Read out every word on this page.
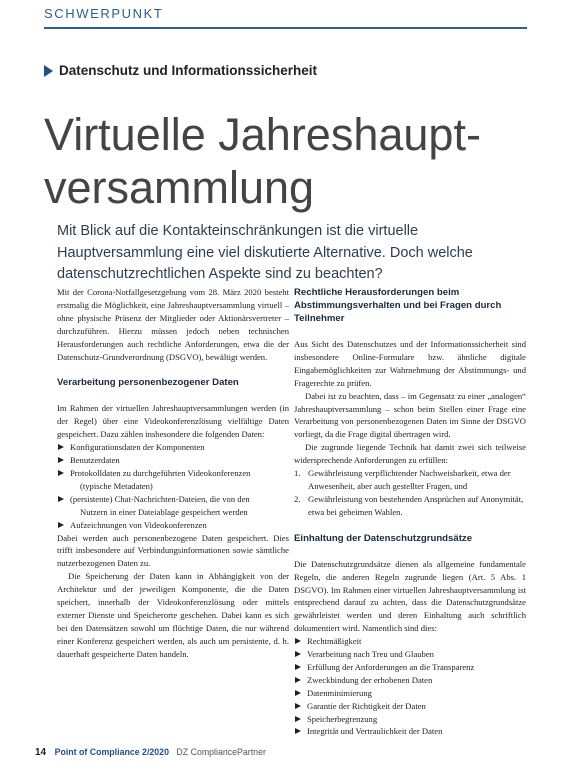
SCHWERPUNKT
Datenschutz und Informationssicherheit
Virtuelle Jahreshaupt-
versammlung
Mit Blick auf die Kontakteinschränkungen ist die virtuelle Hauptversammlung eine viel diskutierte Alternative. Doch welche datenschutzrechtlichen Aspekte sind zu beachten?

Mit der Corona-Notfallgesetzgebung vom 28. März 2020 besteht erstmalig die Möglichkeit, eine Jahreshauptversammlung virtuell – ohne physische Präsenz der Mitglieder oder Aktionärsvertreter – durchzuführen. Hierzu müssen jedoch neben technischen Herausforderungen auch rechtliche Anforderungen, etwa die der Datenschutz-Grundverordnung (DSGVO), bewältigt werden.

Verarbeitung personenbezogener Daten

Im Rahmen der virtuellen Jahreshauptversammlungen werden (in der Regel) über eine Videokonferenzlösung vielfältige Daten gespeichert. Dazu zählen insbesondere die folgenden Daten:

Konfigurationsdaten der Komponenten
Benutzerdaten
Protokolldaten zu durchgeführten Videokonferenzen
(typische Metadaten)
(persistente) Chat-Nachrichten-Dateien, die von den
Nutzern in einer Dateiablage gespeichert werden
Aufzeichnungen von Videokonferenzen

Dabei werden auch personenbezogene Daten gespeichert. Dies trifft insbesondere auf Verbindungsinformationen sowie sämtliche nutzerbezogenen Daten zu.

Die Speicherung der Daten kann in Abhängigkeit von der Architektur und der jeweiligen Komponente, die die Daten speichert, innerhalb der Videokonferenzlösung oder mittels externer Dienste und Speicherorte geschehen. Dabei kann es sich bei den Datensätzen sowohl um flüchtige Daten, die nur während einer Konferenz gespeichert werden, als auch um persistente, d. h. dauerhaft gespeicherte Daten handeln.

Rechtliche Herausforderungen beim Abstimmungsverhalten und bei Fragen durch Teilnehmer

Aus Sicht des Datenschutzes und der Informationssicherheit sind insbesondere Online-Formulare bzw. ähnliche digitale Eingabemöglichkeiten zur Wahrnehmung der Abstimmungs- und Fragerechte zu prüfen.

Dabei ist zu beachten, dass – im Gegensatz zu einer „analogen“ Jahreshauptversammlung – schon beim Stellen einer Frage eine Verarbeitung von personenbezogenen Daten im Sinne der DSGVO vorliegt, da die Frage digital übertragen wird.

Die zugrunde liegende Technik hat damit zwei sich teilweise widersprechende Anforderungen zu erfüllen:

1. Gewährleistung verpflichtender Nachweisbarkeit, etwa der Anwesenheit, aber auch gestellter Fragen, und
2. Gewährleistung von bestehenden Ansprüchen auf Anonymität, etwa bei geheimen Wahlen.
Einhaltung der Datenschutzgrundsätze

Die Datenschutzgrundsätze dienen als allgemeine fundamentale Regeln, die anderen Regeln zugrunde liegen (Art. 5 Abs. 1 DSGVO). Im Rahmen einer virtuellen Jahreshauptversammlung ist entsprechend darauf zu achten, dass die Datenschutzgrundsätze gewährleistet werden und deren Einhaltung auch schriftlich dokumentiert wird. Namentlich sind dies:

Rechtmäßigkeit
Verarbeitung nach Treu und Glauben
Erfüllung der Anforderungen an die Transparenz
Zweckbindung der erhobenen Daten
Datenminimierung
Garantie der Richtigkeit der Daten
Speicherbegrenzung
Integrität und Vertraulichkeit der Daten
14 Point of Compliance 2/2020 DZ CompliancePartner
